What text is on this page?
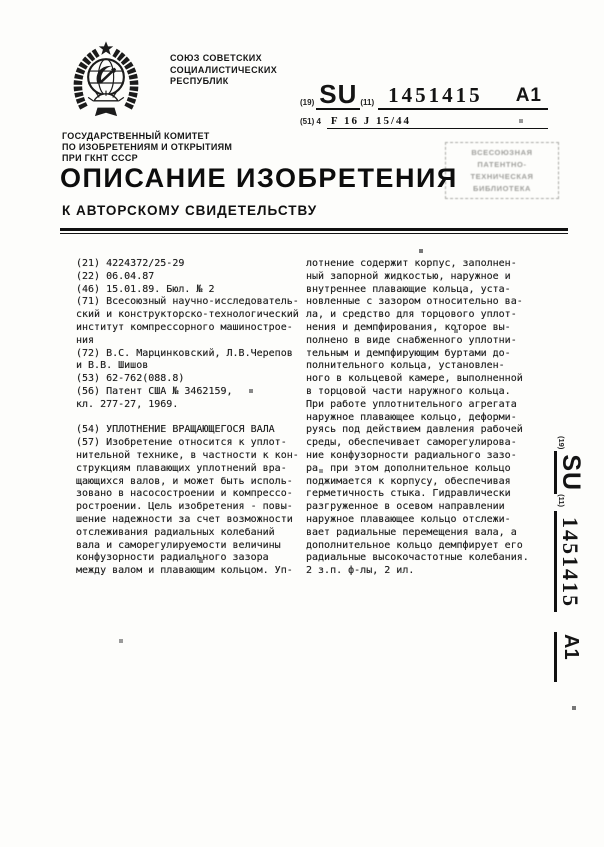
СОЮЗ СОВЕТСКИХ
СОЦИАЛИСТИЧЕСКИХ
РЕСПУБЛИК
(19) SU (11) 1451415 A1
(51) 4 F 16 J 15/44
ГОСУДАРСТВЕННЫЙ КОМИТЕТ
ПО ИЗОБРЕТЕНИЯМ И ОТКРЫТИЯМ
ПРИ ГКНТ СССР
ВСЕСОЮЗНАЯ
ПАТЕНТНО-ТЕХНИЧЕСКАЯ
БИБЛИОТЕКА
ОПИСАНИЕ ИЗОБРЕТЕНИЯ
К АВТОРСКОМУ СВИДЕТЕЛЬСТВУ
(21) 4224372/25-29
(22) 06.04.87
(46) 15.01.89. Бюл. № 2
(71) Всесоюзный научно-исследователь-
ский и конструкторско-технологический
институт компрессорного машинострое-
ния
(72) В.С. Марцинковский, Л.В.Черепов
и В.В. Шишов
(53) 62-762(088.8)
(56) Патент США № 3462159,
кл. 277-27, 1969.

(54) УПЛОТНЕНИЕ ВРАЩАЮЩЕГОСЯ ВАЛА
(57) Изобретение относится к уплот-
нительной технике, в частности к кон-
струкциям плавающих уплотнений вра-
щающихся валов, и может быть исполь-
зовано в насосостроении и компрессо-
ростроении. Цель изобретения - повы-
шение надежности за счет возможности
отслеживания радиальных колебаний
вала и саморегулируемости величины
конфузорности радиального зазора
между валом и плавающим кольцом. Уп-
лотнение содержит корпус, заполнен-
ный запорной жидкостью, наружное и
внутреннее плавающие кольца, уста-
новленные с зазором относительно ва-
ла, и средство для торцового уплот-
нения и демпфирования, которое вы-
полнено в виде снабженного уплотни-
тельным и демпфирующим буртами до-
полнительного кольца, установлен-
ного в кольцевой камере, выполненной
в торцовой части наружного кольца.
При работе уплотнительного агрегата
наружное плавающее кольцо, деформи-
руясь под действием давления рабочей
среды, обеспечивает саморегулирова-
ние конфузорности радиального зазо-
ра, при этом дополнительное кольцо
поджимается к корпусу, обеспечивая
герметичность стыка. Гидравлически
разгруженное в осевом направлении
наружное плавающее кольцо отслежи-
вает радиальные перемещения вала, а
дополнительное кольцо демпфирует его
радиальные высокочастотные колебания.
2 з.п. ф-лы, 2 ил.
(19)
SU
(11)
1451415
A1
